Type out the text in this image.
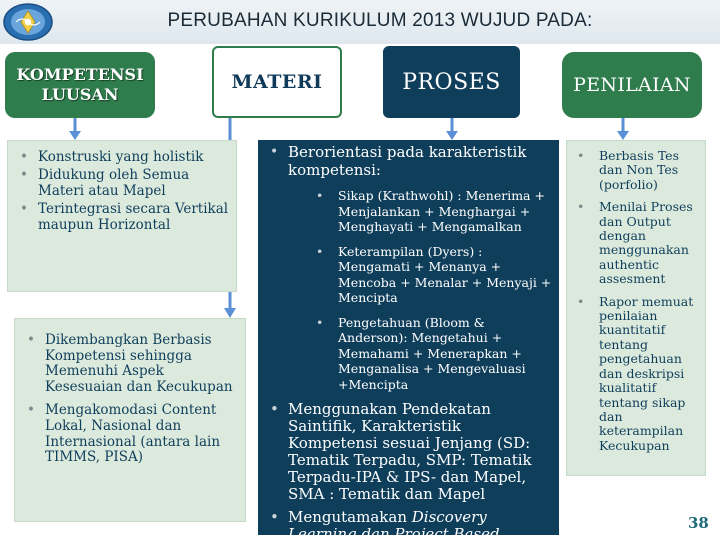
PERUBAHAN KURIKULUM 2013 WUJUD PADA:
KOMPETENSI LUUSAN
MATERI	PROSES	PENILAIAN
• Konstruski yang holistik
• Didukung oleh Semua Materi atau Mapel
• Terintegrasi secara Vertikal maupun Horizontal
• Dikembangkan Berbasis Kompetensi sehingga Memenuhi Aspek Kesesuaian dan Kecukupan
• Mengakomodasi Content Lokal, Nasional dan Internasional (antara lain TIMMS, PISA)
• Berorientasi pada karakteristik kompetensi:
• Sikap (Krathwohl) : Menerima + Menjalankan + Menghargai + Menghayati + Mengamalkan
• Keterampilan (Dyers) : Mengamati + Menanya + Mencoba + Menalar + Menyaji + Mencipta
• Pengetahuan (Bloom & Anderson): Mengetahui + Memahami + Menerapkan + Menganalisa + Mengevaluasi +Mencipta
• Menggunakan Pendekatan Saintifik, Karakteristik Kompetensi sesuai Jenjang (SD: Tematik Terpadu, SMP: Tematik Terpadu-IPA & IPS- dan Mapel, SMA : Tematik dan Mapel
• Mengutamakan Discovery Learning dan Project Based Learning
• Berbasis Tes dan Non Tes (porfolio)
• Menilai Proses dan Output dengan menggunakan authentic assesment
• Rapor memuat penilaian kuantitatif tentang pengetahuan dan deskripsi kualitatif tentang sikap dan keterampilan Kecukupan
38
